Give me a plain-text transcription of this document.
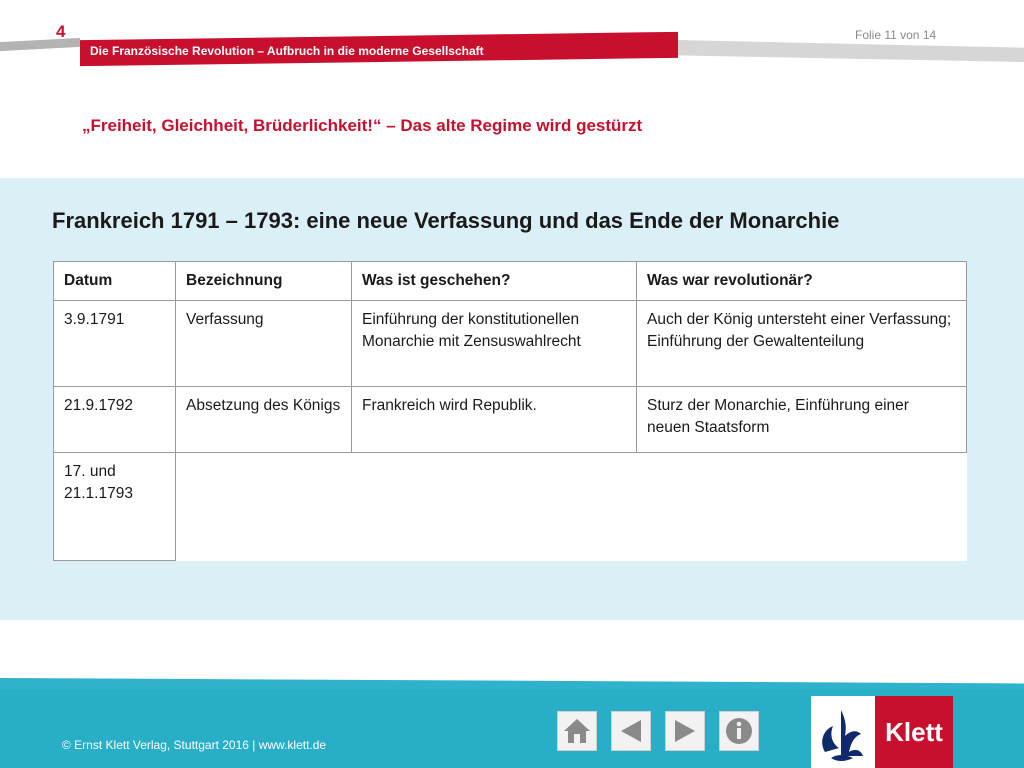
4
Die Französische Revolution – Aufbruch in die moderne Gesellschaft
Folie 11 von 14
„Freiheit, Gleichheit, Brüderlichkeit!“ – Das alte Regime wird gestürzt
Frankreich 1791 – 1793: eine neue Verfassung und das Ende der Monarchie
Datum	Bezeichnung	Was ist geschehen?	Was war revolutionär?
3.9.1791	Verfassung	Einführung der konstitutionellen Monarchie mit Zensuswahlrecht	Auch der König untersteht einer Verfassung; Einführung der Gewaltenteilung
21.9.1792	Absetzung des Königs	Frankreich wird Republik.	Sturz der Monarchie, Einführung einer neuen Staatsform
17. und 21.1.1793			
© Ernst Klett Verlag, Stuttgart 2016 | www.klett.de	Klett
